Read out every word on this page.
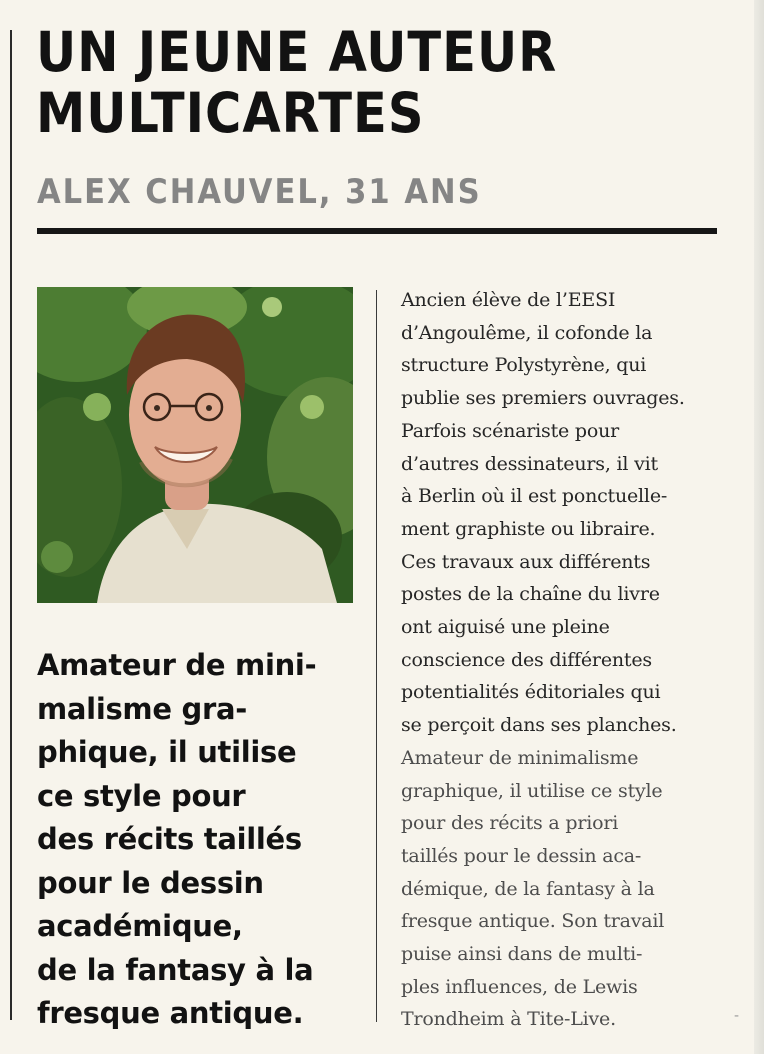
UN JEUNE AUTEUR
MULTICARTES
ALEX CHAUVEL, 31 ANS
Amateur de mini-
malisme gra-
phique, il utilise
ce style pour
des récits taillés
pour le dessin
académique,
de la fantasy à la
fresque antique.
Ancien élève de l’EESI
d’Angoulême, il cofonde la
structure Polystyrène, qui
publie ses premiers ouvrages.
Parfois scénariste pour
d’autres dessinateurs, il vit
à Berlin où il est ponctuelle-
ment graphiste ou libraire.
Ces travaux aux différents
postes de la chaîne du livre
ont aiguisé une pleine
conscience des différentes
potentialités éditoriales qui
se perçoit dans ses planches.
Amateur de minimalisme
graphique, il utilise ce style
pour des récits a priori
taillés pour le dessin aca-
démique, de la fantasy à la
fresque antique. Son travail
puise ainsi dans de multi-
ples influences, de Lewis
Trondheim à Tite-Live.	‐
